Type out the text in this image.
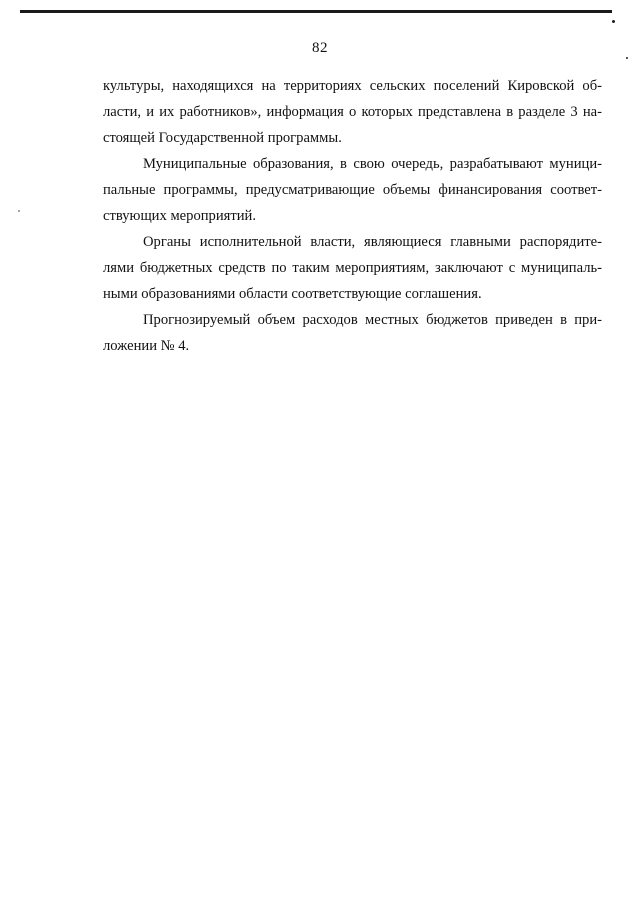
82

культуры, находящихся на территориях сельских поселений Кировской об-
ласти, и их работников», информация о которых представлена в разделе 3 на-
стоящей Государственной программы.

Муниципальные образования, в свою очередь, разрабатывают муници-
пальные программы, предусматривающие объемы финансирования соответ-
ствующих мероприятий.

Органы исполнительной власти, являющиеся главными распорядите-
лями бюджетных средств по таким мероприятиям, заключают с муниципаль-
ными образованиями области соответствующие соглашения.

Прогнозируемый объем расходов местных бюджетов приведен в при-
ложении № 4.
